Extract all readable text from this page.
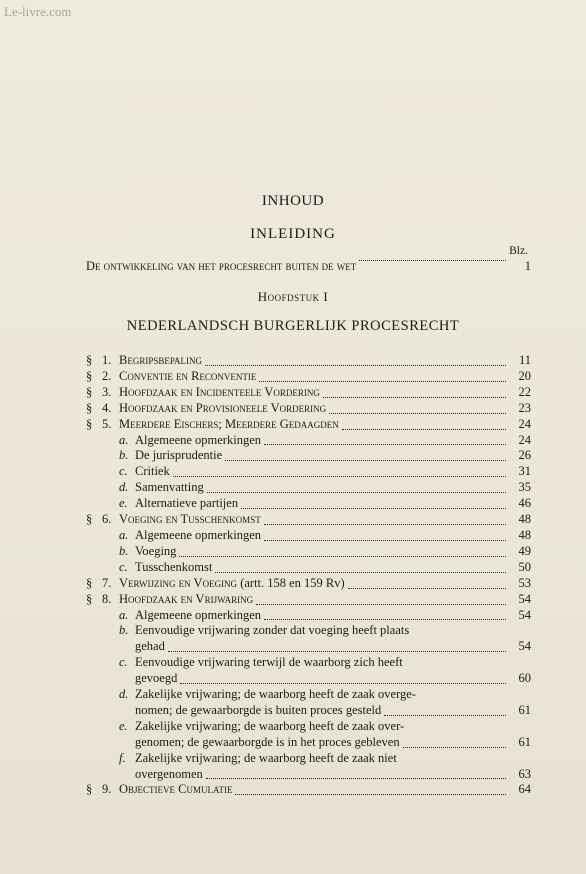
Le-livre.com
INHOUD
INLEIDING
Blz.
De ontwikkeling van het procesrecht buiten de wet	1
Hoofdstuk I
NEDERLANDSCH BURGERLIJK PROCESRECHT
§ 1. Begripsbepaling	11
§ 2. Conventie en Reconventie	20
§ 3. Hoofdzaak en Incidenteele Vordering	22
§ 4. Hoofdzaak en Provisioneele Vordering	23
§ 5. Meerdere Eischers; Meerdere Gedaagden	24
a. Algemeene opmerkingen	24
b. De jurisprudentie	26
c. Critiek	31
d. Samenvatting	35
e. Alternatieve partijen	46
§ 6. Voeging en Tusschenkomst	48
a. Algemeene opmerkingen	48
b. Voeging	49
c. Tusschenkomst	50
§ 7. Verwijzing en Voeging (artt. 158 en 159 Rv)	53
§ 8. Hoofdzaak en Vrijwaring	54
a. Algemeene opmerkingen	54
b. Eenvoudige vrijwaring zonder dat voeging heeft plaats
gehad	54
c. Eenvoudige vrijwaring terwijl de waarborg zich heeft
gevoegd	60
d. Zakelijke vrijwaring; de waarborg heeft de zaak overge-
nomen; de gewaarborgde is buiten proces gesteld	61
e. Zakelijke vrijwaring; de waarborg heeft de zaak over-
genomen; de gewaarborgde is in het proces gebleven	61
f. Zakelijke vrijwaring; de waarborg heeft de zaak niet
overgenomen	63
§ 9. Objectieve Cumulatie	64
